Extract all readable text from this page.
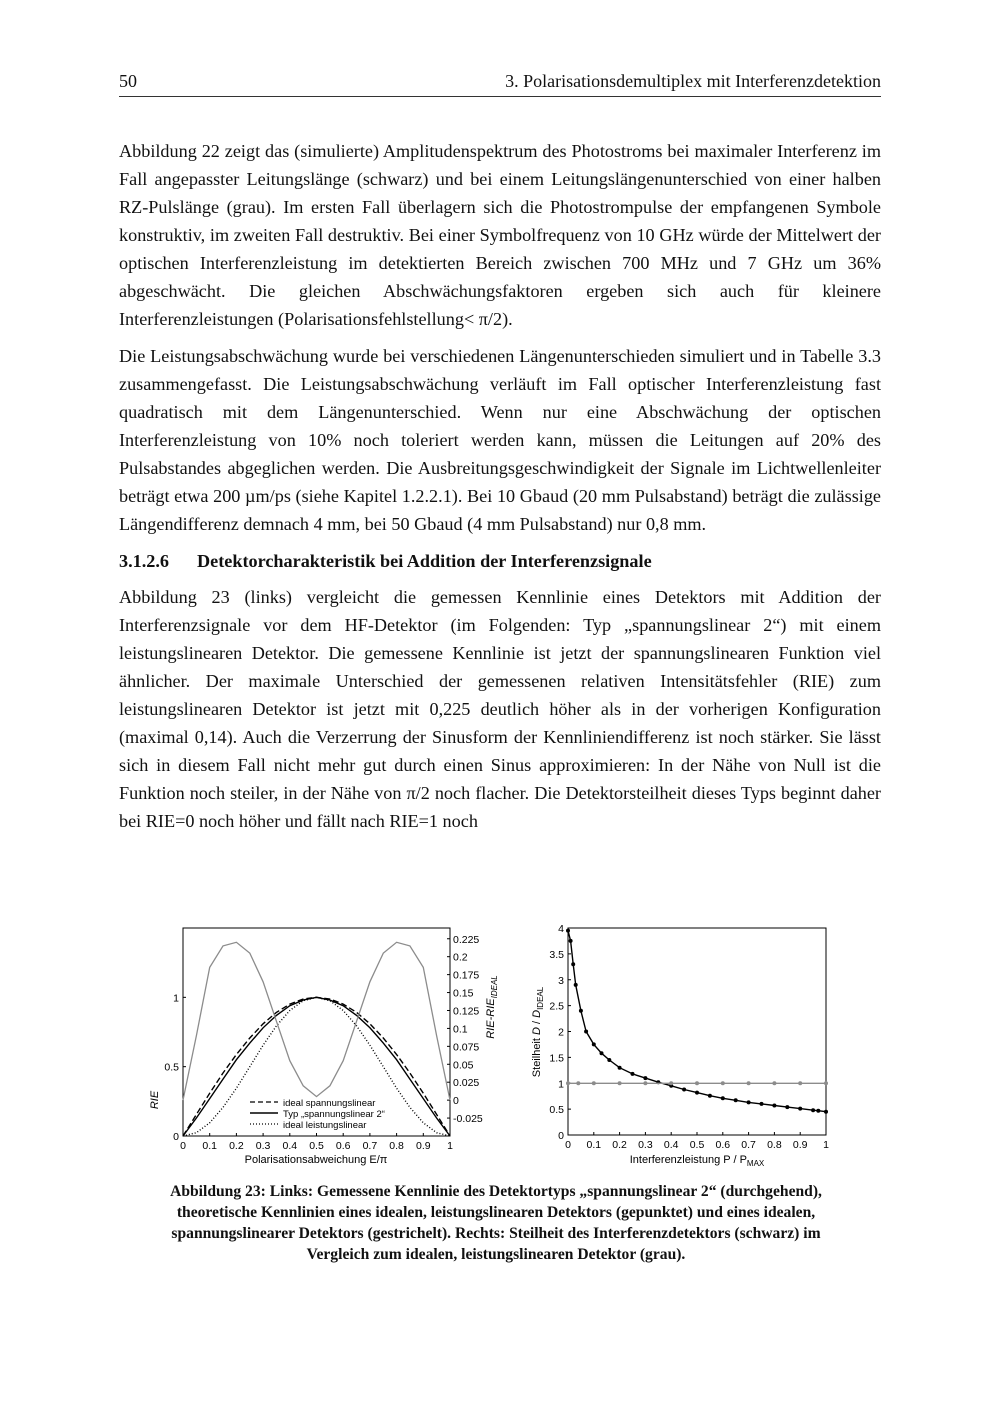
50	3. Polarisationsdemultiplex mit Interferenzdetektion

Abbildung 22 zeigt das (simulierte) Amplitudenspektrum des Photostroms bei maximaler Interferenz im Fall angepasster Leitungslänge (schwarz) und bei einem Leitungslängenunterschied von einer halben RZ-Pulslänge (grau). Im ersten Fall überlagern sich die Photostrompulse der empfangenen Symbole konstruktiv, im zweiten Fall destruktiv. Bei einer Symbolfrequenz von 10 GHz würde der Mittelwert der optischen Interferenzleistung im detektierten Bereich zwischen 700 MHz und 7 GHz um 36% abgeschwächt. Die gleichen Abschwächungsfaktoren ergeben sich auch für kleinere Interferenzleistungen (Polarisationsfehlstellung< π/2).

Die Leistungsabschwächung wurde bei verschiedenen Längenunterschieden simuliert und in Tabelle 3.3 zusammengefasst. Die Leistungsabschwächung verläuft im Fall optischer Interferenzleistung fast quadratisch mit dem Längenunterschied. Wenn nur eine Abschwächung der optischen Interferenzleistung von 10% noch toleriert werden kann, müssen die Leitungen auf 20% des Pulsabstandes abgeglichen werden. Die Ausbreitungsgeschwindigkeit der Signale im Lichtwellenleiter beträgt etwa 200 µm/ps (siehe Kapitel 1.2.2.1). Bei 10 Gbaud (20 mm Pulsabstand) beträgt die zulässige Längendifferenz demnach 4 mm, bei 50 Gbaud (4 mm Pulsabstand) nur 0,8 mm.

3.1.2.6 Detektorcharakteristik bei Addition der Interferenzsignale

Abbildung 23 (links) vergleicht die gemessen Kennlinie eines Detektors mit Addition der Interferenzsignale vor dem HF-Detektor (im Folgenden: Typ „spannungslinear 2“) mit einem leistungslinearen Detektor. Die gemessene Kennlinie ist jetzt der spannungslinearen Funktion viel ähnlicher. Der maximale Unterschied der gemessenen relativen Intensitätsfehler (RIE) zum leistungslinearen Detektor ist jetzt mit 0,225 deutlich höher als in der vorherigen Konfiguration (maximal 0,14). Auch die Verzerrung der Sinusform der Kennliniendifferenz ist noch stärker. Sie lässt sich in diesem Fall nicht mehr gut durch einen Sinus approximieren: In der Nähe von Null ist die Funktion noch steiler, in der Nähe von π/2 noch flacher. Die Detektorsteilheit dieses Typs beginnt daher bei RIE=0 noch höher und fällt nach RIE=1 noch

0 0.1 0.2 0.3 0.4 0.5 0.6 0.7 0.8 0.9 1
0
0.5
1
-0.025
0
0.025
0.05
0.075
0.1
0.125
0.15
0.175
0.2
0.225
Polarisationsabweichung E/π
RIE
RIE-$RIE_{IDEAL}$
ideal spannungslinear
Typ „spannungslinear 2“
ideal leistungslinear
0 0.1 0.2 0.3 0.4 0.5 0.6 0.7 0.8 0.9 1
0
0.5
1
1.5
2
2.5
3
3.5
4
Interferenzleistung P / $P_{MAX}$
Steilheit D / $D_{IDEAL}$
Abbildung 23: Links: Gemessene Kennlinie des Detektortyps „spannungslinear 2“ (durchgehend), theoretische Kennlinien eines idealen, leistungslinearen Detektors (gepunktet) und eines idealen, spannungslinearer Detektors (gestrichelt). Rechts: Steilheit des Interferenzdetektors (schwarz) im Vergleich zum idealen, leistungslinearen Detektor (grau).
